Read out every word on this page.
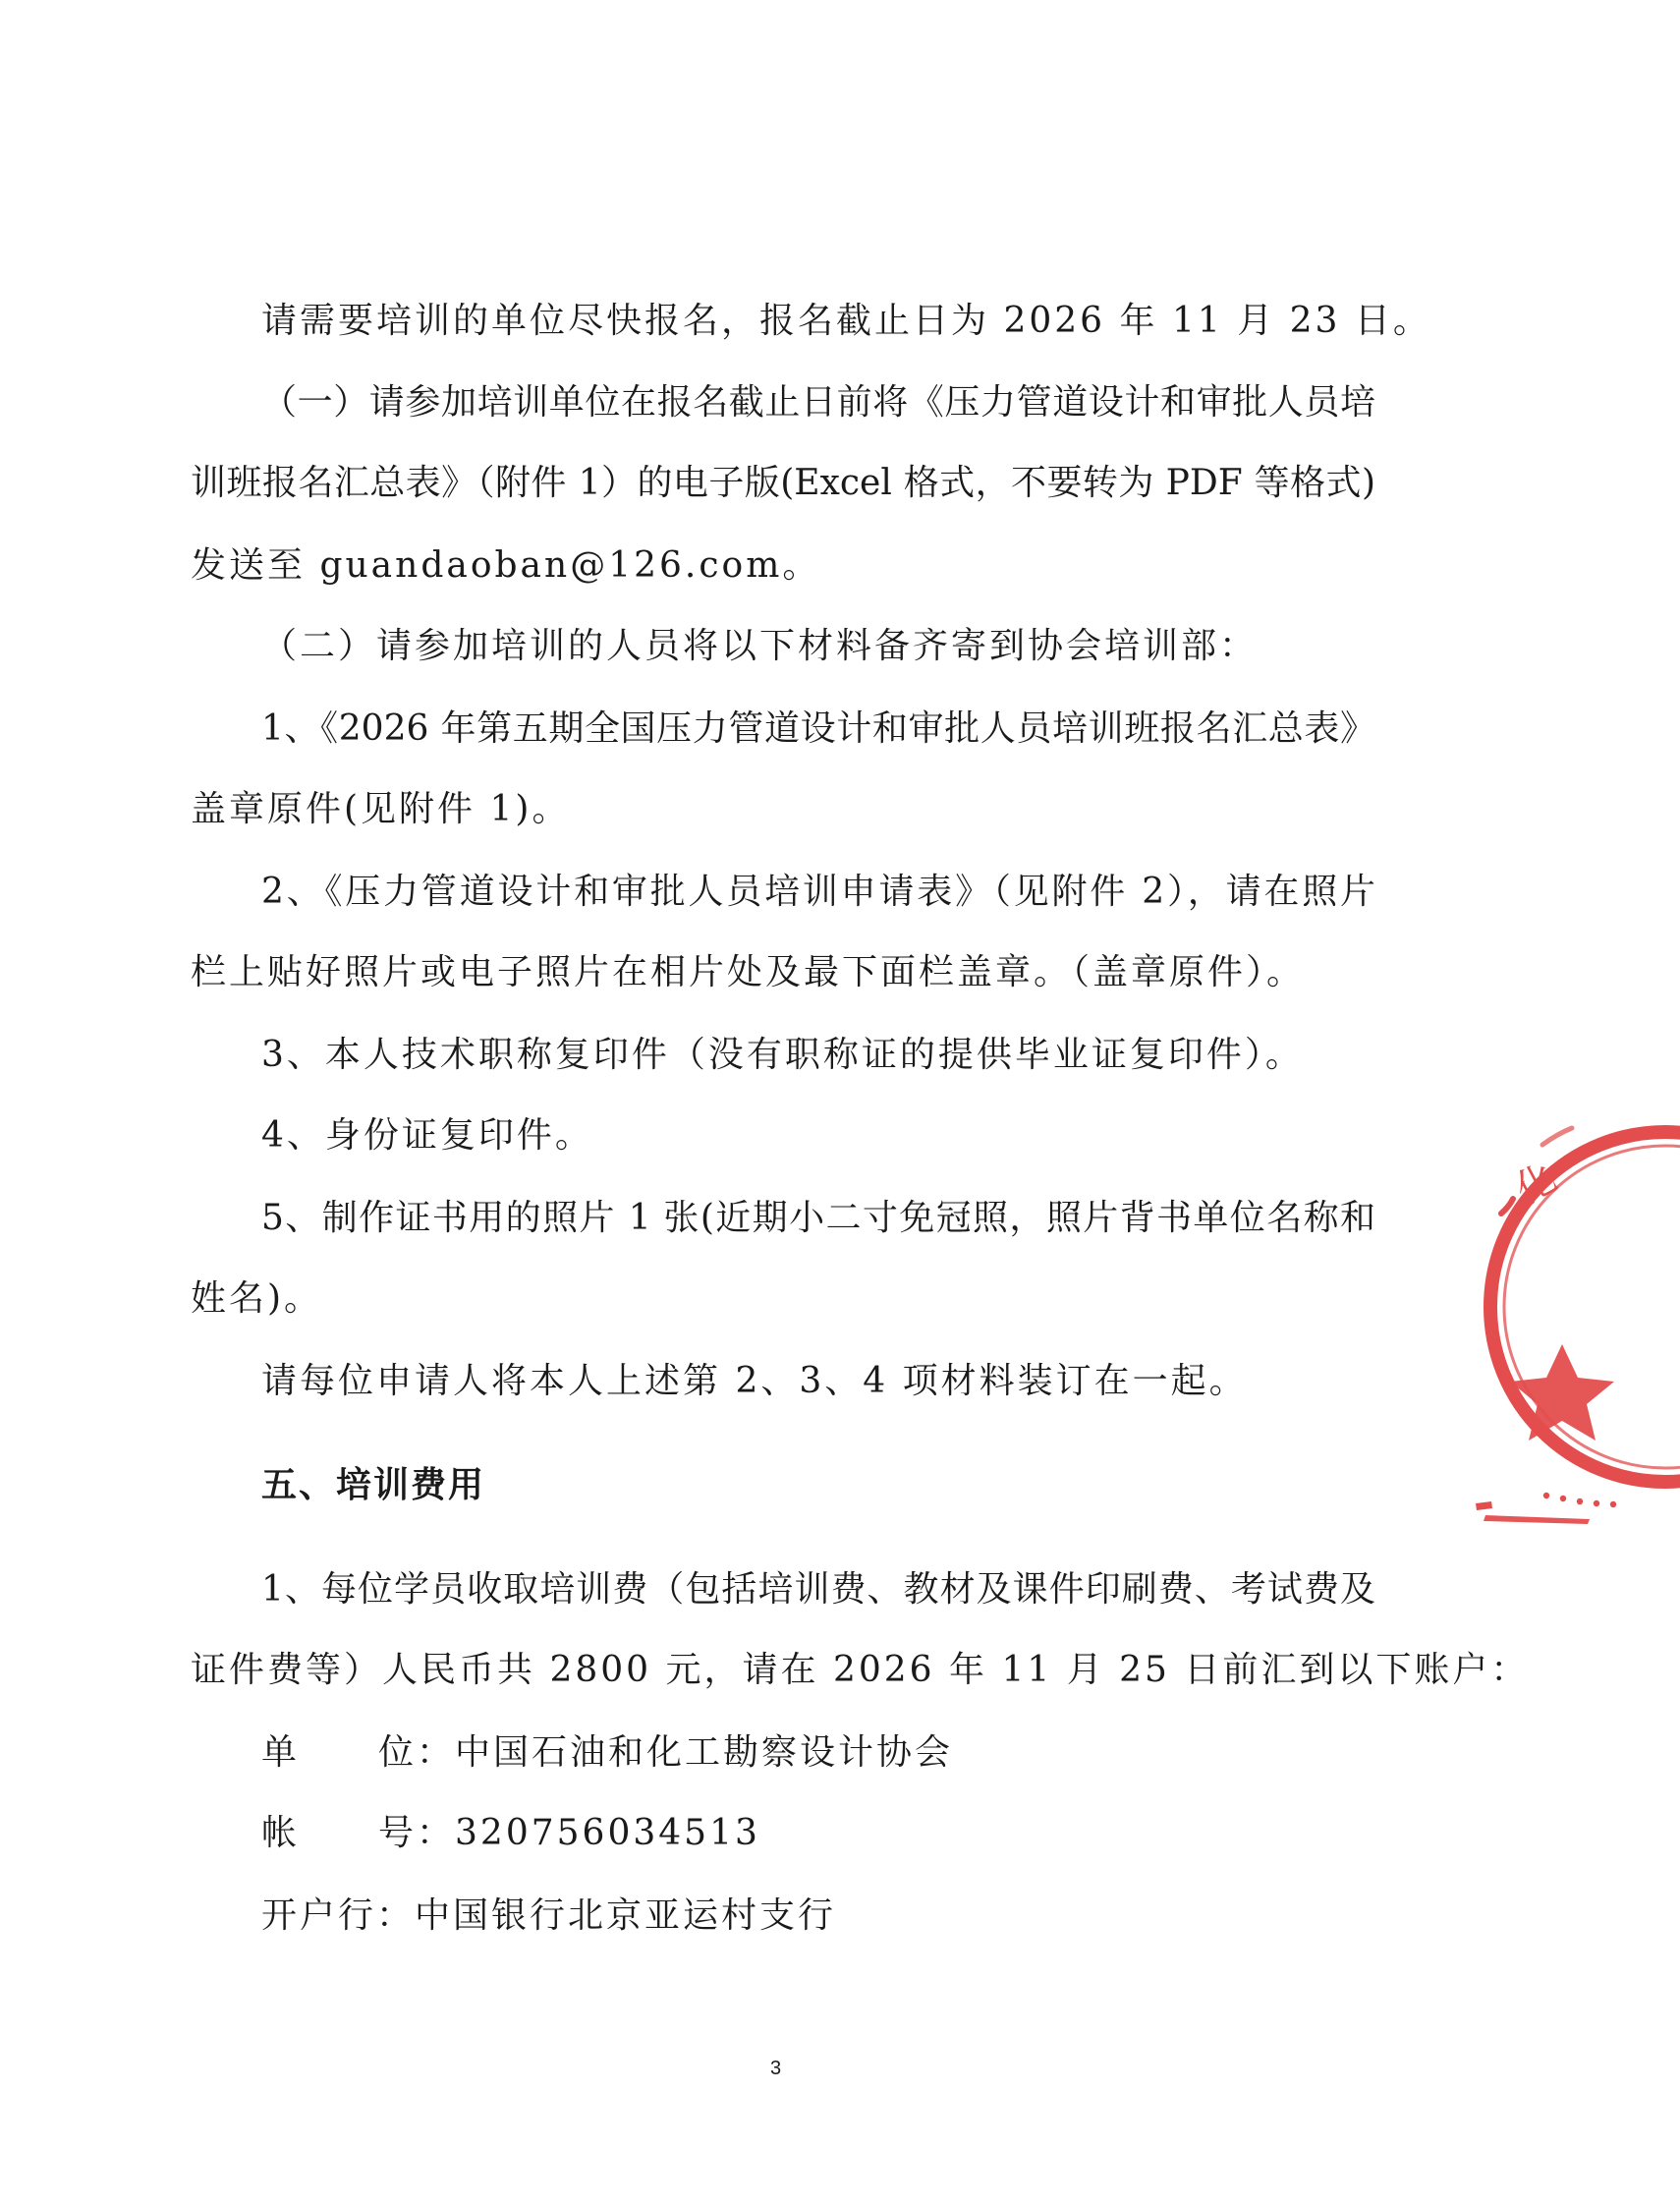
请需要培训的单位尽快报名，报名截止日为 2026 年 11 月 23 日。
（一）请参加培训单位在报名截止日前将《压力管道设计和审批人员培
训班报名汇总表》（附件 1）的电子版(Excel 格式，不要转为 PDF 等格式)
发送至 guandaoban@126.com。
（二）请参加培训的人员将以下材料备齐寄到协会培训部：
1、《2026 年第五期全国压力管道设计和审批人员培训班报名汇总表》
盖章原件(见附件 1)。
2、《压力管道设计和审批人员培训申请表》（见附件 2），请在照片
栏上贴好照片或电子照片在相片处及最下面栏盖章。（盖章原件）。
3、本人技术职称复印件（没有职称证的提供毕业证复印件）。
4、身份证复印件。
5、制作证书用的照片 1 张(近期小二寸免冠照，照片背书单位名称和
姓名)。
请每位申请人将本人上述第 2、3、4 项材料装订在一起。
五、培训费用
1、每位学员收取培训费（包括培训费、教材及课件印刷费、考试费及
证件费等）人民币共 2800 元，请在 2026 年 11 月 25 日前汇到以下账户：
单 位：中国石油和化工勘察设计协会
帐 号：320756034513
开户行：中国银行北京亚运村支行
3
化
